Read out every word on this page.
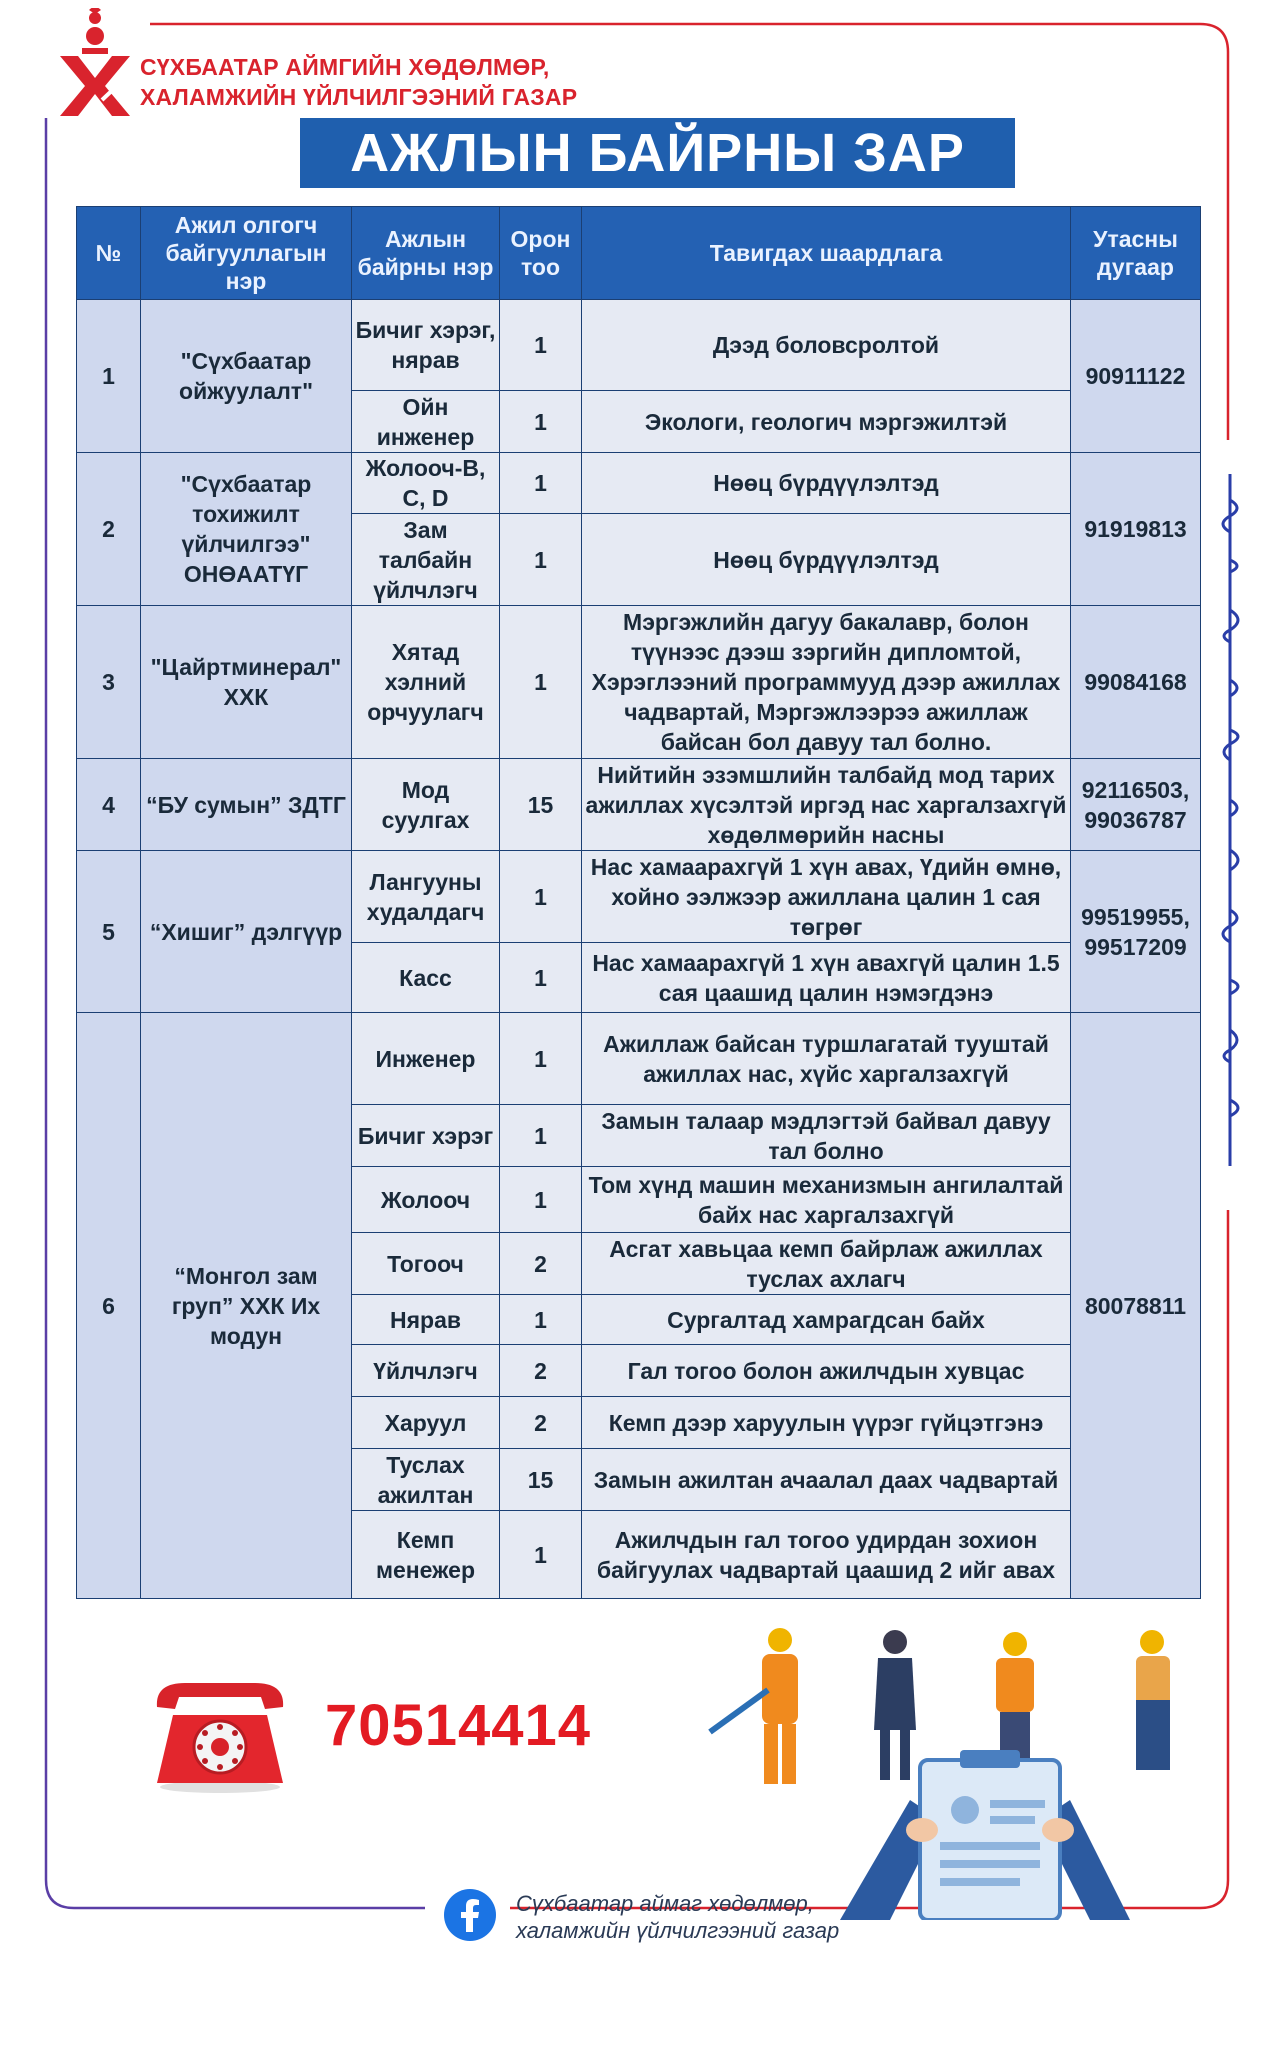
СҮХБААТАР АЙМГИЙН ХӨДӨЛМӨР,
ХАЛАМЖИЙН ҮЙЛЧИЛГЭЭНИЙ ГАЗАР
АЖЛЫН БАЙРНЫ ЗАР
№	Ажил олгогч байгууллагын нэр	Ажлын байрны нэр	Орон тоо	Тавигдах шаардлага	Утасны дугаар
1	"Сүхбаатар ойжуулалт"	Бичиг хэрэг, нярав	1	Дээд боловсролтой	90911122
		Ойн инженер	1	Экологи, геологич мэргэжилтэй	
2	"Сүхбаатар тохижилт үйлчилгээ" ОНӨААТҮГ	Жолооч-В, C, D	1	Нөөц бүрдүүлэлтэд	91919813
		Зам талбайн үйлчлэгч	1	Нөөц бүрдүүлэлтэд	
3	"Цайртминерал" ХХК	Хятад хэлний орчуулагч	1	Мэргэжлийн дагуу бакалавр, болон түүнээс дээш зэргийн дипломтой, Хэрэглээний программууд дээр ажиллах чадвартай, Мэргэжлээрээ ажиллаж байсан бол давуу тал болно.	99084168
4	“БУ сумын” ЗДТГ	Мод суулгах	15	Нийтийн эзэмшлийн талбайд мод тарих ажиллах хүсэлтэй иргэд нас харгалзахгүй хөдөлмөрийн насны	92116503, 99036787
5	“Хишиг” дэлгүүр	Лангууны худалдагч	1	Нас хамаарахгүй 1 хүн авах, Үдийн өмнө, хойно ээлжээр ажиллана цалин 1 сая төгрөг	99519955, 99517209
		Касс	1	Нас хамаарахгүй 1 хүн авахгүй цалин 1.5 сая цаашид цалин нэмэгдэнэ	
6	“Монгол зам груп” ХХК Их модун	Инженер	1	Ажиллаж байсан туршлагатай тууштай ажиллах нас, хүйс харгалзахгүй	80078811
		Бичиг хэрэг	1	Замын талаар мэдлэгтэй байвал давуу тал болно	
		Жолооч	1	Том хүнд машин механизмын ангилалтай байх нас харгалзахгүй	
		Тогооч	2	Асгат хавьцаа кемп байрлаж ажиллах туслах ахлагч	
		Нярав	1	Сургалтад хамрагдсан байх	
		Үйлчлэгч	2	Гал тогоо болон ажилчдын хувцас	
		Харуул	2	Кемп дээр харуулын үүрэг гүйцэтгэнэ	
		Туслах ажилтан	15	Замын ажилтан ачаалал даах чадвартай	
		Кемп менежер	1	Ажилчдын гал тогоо удирдан зохион байгуулах чадвартай цаашид 2 ийг авах	
70514414
Сүхбаатар аймаг хөдөлмөр,
халамжийн үйлчилгээний газар
